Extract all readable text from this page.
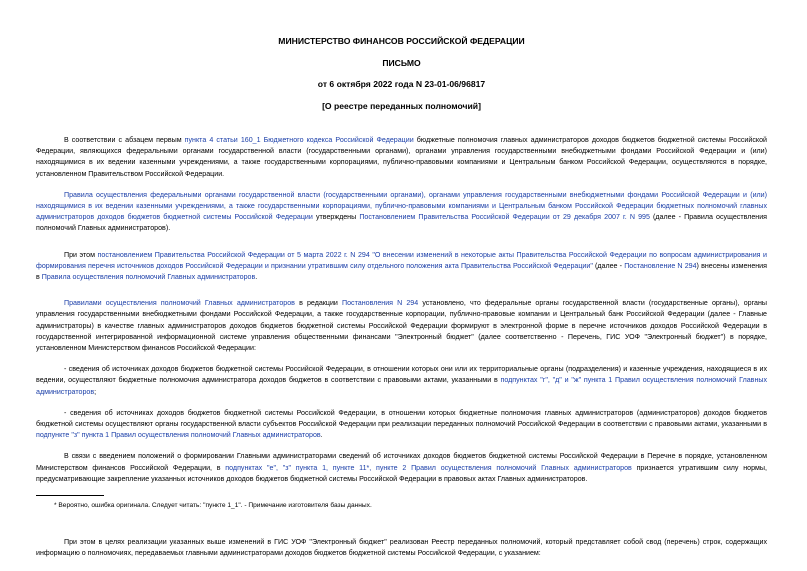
МИНИСТЕРСТВО ФИНАНСОВ РОССИЙСКОЙ ФЕДЕРАЦИИ
ПИСЬМО
от 6 октября 2022 года N 23-01-06/96817
[О реестре переданных полномочий]

В соответствии с абзацем первым пункта 4 статьи 160_1 Бюджетного кодекса Российской Федерации бюджетные полномочия главных администраторов доходов бюджетов бюджетной системы Российской Федерации, являющихся федеральными органами государственной власти (государственными органами), органами управления государственными внебюджетными фондами Российской Федерации и (или) находящимися в их ведении казенными учреждениями, а также государственными корпорациями, публично-правовыми компаниями и Центральным банком Российской Федерации, осуществляются в порядке, установленном Правительством Российской Федерации.

Правила осуществления федеральными органами государственной власти (государственными органами), органами управления государственными внебюджетными фондами Российской Федерации и (или) находящимися в их ведении казенными учреждениями, а также государственными корпорациями, публично-правовыми компаниями и Центральным банком Российской Федерации бюджетных полномочий главных администраторов доходов бюджетов бюджетной системы Российской Федерации утверждены Постановлением Правительства Российской Федерации от 29 декабря 2007 г. N 995 (далее - Правила осуществления полномочий Главных администраторов).

При этом постановлением Правительства Российской Федерации от 5 марта 2022 г. N 294 "О внесении изменений в некоторые акты Правительства Российской Федерации по вопросам администрирования и формирования перечня источников доходов Российской Федерации и признании утратившим силу отдельного положения акта Правительства Российской Федерации" (далее - Постановление N 294) внесены изменения в Правила осуществления полномочий Главных администраторов.

Правилами осуществления полномочий Главных администраторов в редакции Постановления N 294 установлено, что федеральные органы государственной власти (государственные органы), органы управления государственными внебюджетными фондами Российской Федерации, а также государственные корпорации, публично-правовые компании и Центральный банк Российской Федерации (далее - Главные администраторы) в качестве главных администраторов доходов бюджетов бюджетной системы Российской Федерации формируют в электронной форме в перечне источников доходов Российской Федерации в государственной интегрированной информационной системе управления общественными финансами "Электронный бюджет" (далее соответственно - Перечень, ГИС УОФ "Электронный бюджет") в порядке, установленном Министерством финансов Российской Федерации:

- сведения об источниках доходов бюджетов бюджетной системы Российской Федерации, в отношении которых они или их территориальные органы (подразделения) и казенные учреждения, находящиеся в их ведении, осуществляют бюджетные полномочия администратора доходов бюджетов в соответствии с правовыми актами, указанными в подпунктах "г", "д" и "ж" пункта 1 Правил осуществления полномочий Главных администраторов;

- сведения об источниках доходов бюджетов бюджетной системы Российской Федерации, в отношении которых бюджетные полномочия главных администраторов (администраторов) доходов бюджетов бюджетной системы осуществляют органы государственной власти субъектов Российской Федерации при реализации переданных полномочий Российской Федерации в соответствии с правовыми актами, указанными в подпункте "з" пункта 1 Правил осуществления полномочий Главных администраторов.

В связи с введением положений о формировании Главными администраторами сведений об источниках доходов бюджетов бюджетной системы Российской Федерации в Перечне в порядке, установленном Министерством финансов Российской Федерации, в подпунктах "е", "з" пункта 1, пункте 11*, пункте 2 Правил осуществления полномочий Главных администраторов признается утратившим силу нормы, предусматривающие закрепление указанных источников доходов бюджетов бюджетной системы Российской Федерации в правовых актах Главных администраторов.

* Вероятно, ошибка оригинала. Следует читать: "пункте 1_1". - Примечание изготовителя базы данных.

При этом в целях реализации указанных выше изменений в ГИС УОФ "Электронный бюджет" реализован Реестр переданных полномочий, который представляет собой свод (перечень) строк, содержащих информацию о полномочиях, передаваемых главными администраторами доходов бюджетов бюджетной системы Российской Федерации, с указанием:
